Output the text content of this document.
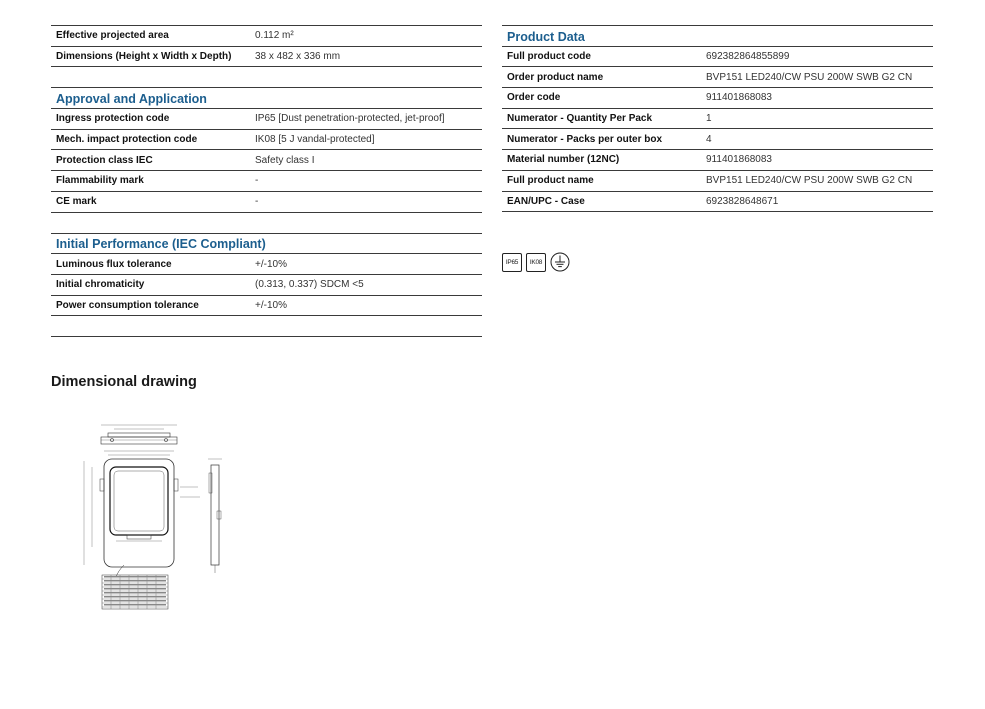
Effective projected area	0.112 m²
Dimensions (Height x Width x Depth)	38 x 482 x 336 mm

Approval and Application	
Ingress protection code	IP65 [Dust penetration-protected, jet-proof]
Mech. impact protection code	IK08 [5 J vandal-protected]
Protection class IEC	Safety class I
Flammability mark	-
CE mark	-

Initial Performance (IEC Compliant)	
Luminous flux tolerance	+/-10%
Initial chromaticity	(0.313, 0.337) SDCM <5
Power consumption tolerance	+/-10%

Product Data	
Full product code	692382864855899
Order product name	BVP151 LED240/CW PSU 200W SWB G2 CN
Order code	911401868083
Numerator - Quantity Per Pack	1
Numerator - Packs per outer box	4
Material number (12NC)	911401868083
Full product name	BVP151 LED240/CW PSU 200W SWB G2 CN
EAN/UPC - Case	6923828648671
IP65	IK08
Dimensional drawing
